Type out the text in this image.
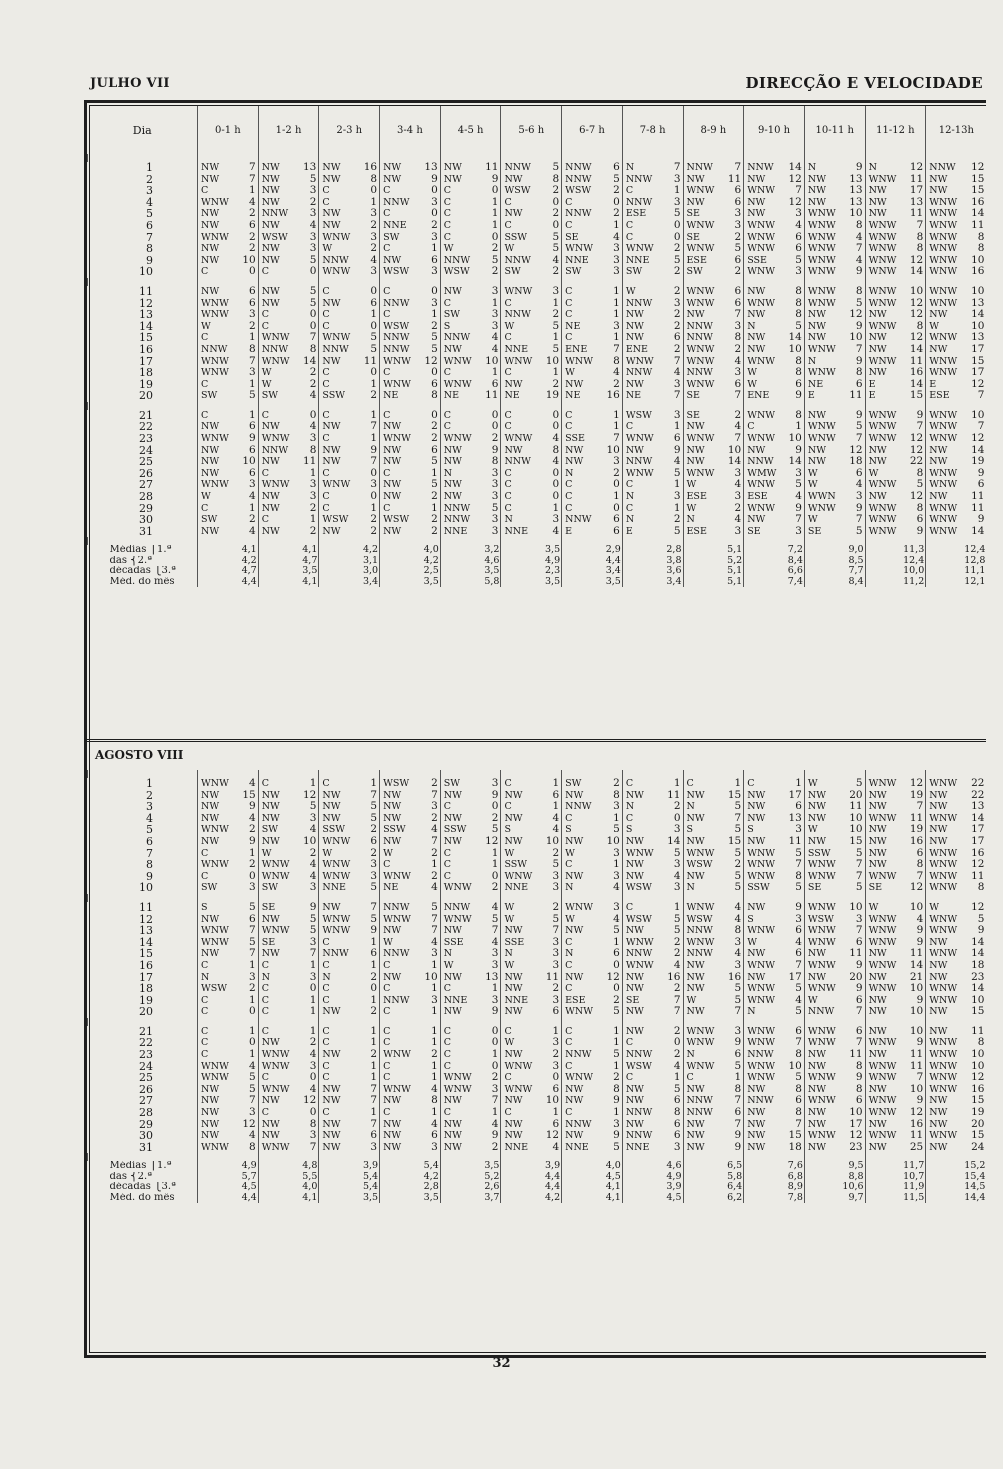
JULHO VII	DIRECÇÃO E VELOCIDADE
Dia	0-1 h	1-2 h	2-3 h	3-4 h	4-5 h	5-6 h	6-7 h	7-8 h	8-9 h	9-10 h	10-11 h	11-12 h	12-13h

1	NW 7	NW 13	NW 16	NW 13	NW 11	NNW 5	NNW 6	N 7	NNW 7	NNW 14	N 9	N 12	NNW 12

2	NW 7	NW 5	NW 8	NW 9	NW 9	NW 8	NNW 5	NNW 3	NW 11	NW 12	NW 13	WNW 11	NW 15

3	C 1	NW 3	C 0	C 0	C 0	WSW 2	WSW 2	C 1	WNW 6	WNW 7	NW 13	NW 17	NW 15

4	WNW 4	NW 2	C 1	NNW 3	C 1	C 0	C 0	NNW 3	NW 6	NW 12	NW 13	NW 13	WNW 16

5	NW 2	NNW 3	NW 3	C 0	C 1	NW 2	NNW 2	ESE 5	SE 3	NW 3	WNW 10	NW 11	WNW 14

6	NW 6	NW 4	NW 2	NNE 2	C 1	C 0	C 1	C 0	WNW 3	WNW 4	WNW 8	WNW 7	WNW 11

7	WNW 2	WSW 3	WNW 3	SW 3	C 0	SSW 5	SE 4	C 0	SE 2	WNW 6	WNW 4	WNW 8	WNW 8

8	NW 2	NW 3	W 2	C 1	W 2	W 5	WNW 3	WNW 2	WNW 5	WNW 6	WNW 7	WNW 8	WNW 8

9	NW 10	NW 5	NNW 4	NW 6	NNW 5	NNW 4	NNE 3	NNE 5	ESE 6	SSE 5	WNW 4	WNW 12	WNW 10

10	C 0	C 0	WNW 3	WSW 3	WSW 2	SW 2	SW 3	SW 2	SW 2	WNW 3	WNW 9	WNW 14	WNW 16

11	NW 6	NW 5	C 0	C 0	NW 3	WNW 3	C 1	W 2	WNW 6	NW 8	WNW 8	WNW 10	WNW 10

12	WNW 6	NW 5	NW 6	NNW 3	C 1	C 1	C 1	NNW 3	WNW 6	WNW 8	WNW 5	WNW 12	WNW 13

13	WNW 3	C 0	C 1	C 1	SW 3	NNW 2	C 1	NW 2	NW 7	NW 8	NW 12	NW 12	NW 14

14	W 2	C 0	C 0	WSW 2	S 3	W 5	NE 3	NW 2	NNW 3	N 5	NW 9	WNW 8	W 10

15	C 1	WNW 7	WNW 5	NNW 5	NNW 4	C 1	C 1	NW 6	NNW 8	NW 14	NW 10	NW 12	WNW 13

16	NNW 8	NNW 8	NNW 5	NNW 5	NW 4	NNE 5	ENE 7	ENE 2	WNW 2	NW 10	WNW 7	NW 14	NW 17

17	WNW 7	WNW 14	NW 11	WNW 12	WNW 10	WNW 10	WNW 8	WNW 7	WNW 4	WNW 8	N 9	WNW 11	WNW 15

18	WNW 3	W 2	C 0	C 0	C 1	C 1	W 4	NNW 4	NNW 3	W 8	WNW 8	NW 16	WNW 17

19	C 1	W 2	C 1	WNW 6	WNW 6	NW 2	NW 2	NW 3	WNW 6	W 6	NE 6	E 14	E 12

20	SW 5	SW 4	SSW 2	NE 8	NE 11	NE 19	NE 16	NE 7	SE 7	ENE 9	E 11	E 15	ESE 7

21	C 1	C 0	C 1	C 0	C 0	C 0	C 1	WSW 3	SE 2	WNW 8	NW 9	WNW 9	WNW 10

22	NW 6	NW 4	NW 7	NW 2	C 0	C 0	C 1	C 1	NW 4	C 1	WNW 5	WNW 7	WNW 7

23	WNW 9	WNW 3	C 1	WNW 2	WNW 2	WNW 4	SSE 7	WNW 6	WNW 7	WNW 10	WNW 7	WNW 12	WNW 12

24	NW 6	NNW 8	NW 9	NW 6	NW 9	NW 8	NW 10	NW 9	NW 10	NW 9	NW 12	NW 12	NW 14

25	NW 10	NW 11	NW 7	NW 5	NW 8	NNW 4	NW 3	NNW 4	NW 14	NNW 14	NW 18	NW 22	NW 19

26	NW 6	C 1	C 0	C 1	N 3	C 0	N 2	WNW 5	WNW 3	WMW 3	W 6	W 8	WNW 9

27	WNW 3	WNW 3	WNW 3	NW 5	NW 3	C 0	C 0	C 1	W 4	WNW 5	W 4	WNW 5	WNW 6

28	W 4	NW 3	C 0	NW 2	NW 3	C 0	C 1	N 3	ESE 3	ESE 4	WWN 3	NW 12	NW 11

29	C 1	NW 2	C 1	C 1	NNW 5	C 1	C 0	C 1	W 2	WNW 9	WNW 9	WNW 8	WNW 11

30	SW 2	C 1	WSW 2	WSW 2	NNW 3	N 3	NNW 6	N 2	N 4	NW 7	W 7	WNW 6	WNW 9

31	NW 4	NW 2	NW 2	NW 2	NNE 3	NNE 4	E 6	E 5	ESE 3	SE 3	SE 5	WNW 9	WNW 14

Médias ⎧1.ª	4,1	4,1	4,2	4,0	3,2	3,5	2,9	2,8	5,1	7,2	9,0	11,3	12,4
das ⎨2.ª	4,2	4,7	3,1	4,2	4,6	4,9	4,4	3,8	5,2	8,4	8,5	12,4	12,8
décadas ⎩3.ª	4,7	3,5	3,0	2,5	3,5	2,3	3,4	3,6	5,1	6,6	7,7	10,0	11,1
Méd. do mês	4,4	4,1	3,4	3,5	5,8	3,5	3,5	3,4	5,1	7,4	8,4	11,2	12,1
AGOSTO VIII

1	WNW 4	C 1	C 1	WSW 2	SW 3	C 1	SW 2	C 1	C 1	C 1	W 5	WNW 12	WNW 22

2	NW 15	NW 12	NW 7	NW 7	NW 9	NW 6	NW 8	NW 11	NW 15	NW 17	NW 20	NW 19	NW 22

3	NW 9	NW 5	NW 5	NW 3	C 0	C 1	NNW 3	N 2	N 5	NW 6	NW 11	NW 7	NW 13

4	NW 4	NW 3	NW 5	NW 2	NW 2	NW 4	C 1	C 0	NW 7	NW 13	NW 10	WNW 11	WNW 14

5	WNW 2	SW 4	SSW 2	SSW 4	SSW 5	S 4	S 5	S 3	S 5	S 3	W 10	NW 19	NW 17

6	NW 9	NW 10	WNW 6	NW 7	NW 12	NW 10	NW 10	NW 14	NW 15	NW 11	NW 15	NW 16	NW 17

7	C 1	W 2	W 2	W 2	C 1	W 2	W 3	WNW 5	WNW 5	WNW 5	SSW 5	NW 6	WNW 16

8	WNW 2	WNW 4	WNW 3	C 1	C 1	SSW 5	C 1	NW 3	WSW 2	WNW 7	WNW 7	NW 8	WNW 12

9	C 0	WNW 4	WNW 3	WNW 2	C 0	WNW 3	NW 3	NW 4	NW 5	WNW 8	WNW 7	WNW 7	WNW 11

10	SW 3	SW 3	NNE 5	NE 4	WNW 2	NNE 3	N 4	WSW 3	N 5	SSW 5	SE 5	SE 12	WNW 8

11	S 5	SE 9	NW 7	NNW 5	NNW 4	W 2	WNW 3	C 1	WNW 4	NW 9	WNW 10	W 10	W 12

12	NW 6	NW 5	WNW 5	WNW 7	WNW 5	W 5	W 4	WSW 5	WSW 4	S 3	WSW 3	WNW 4	WNW 5

13	WNW 7	WNW 5	WNW 9	NW 7	NW 7	NW 7	NW 5	NW 5	NNW 8	WNW 6	WNW 7	WNW 9	WNW 9

14	WNW 5	SE 3	C 1	W 4	SSE 4	SSE 3	C 1	WNW 2	WNW 3	W 4	WNW 6	WNW 9	NW 14

15	NW 7	NW 7	NNW 6	NNW 3	N 3	N 3	N 6	NNW 2	NNW 4	NW 6	NW 11	NW 11	WNW 14

16	C 1	C 1	C 1	C 1	W 3	W 3	C 0	WNW 4	NW 3	WNW 7	WNW 9	WNW 14	NW 18

17	N 3	N 3	N 2	NW 10	NW 13	NW 11	NW 12	NW 16	NW 16	NW 17	NW 20	NW 21	NW 23

18	WSW 2	C 0	C 0	C 1	C 1	NW 2	C 0	NW 2	NW 5	WNW 5	WNW 9	WNW 10	WNW 14

19	C 1	C 1	C 1	NNW 3	NNE 3	NNE 3	ESE 2	SE 7	W 5	WNW 4	W 6	NW 9	WNW 10

20	C 0	C 1	NW 2	C 1	NW 9	NW 6	WNW 5	NW 7	NW 7	N 5	NNW 7	NW 10	NW 15

21	C 1	C 1	C 1	C 1	C 0	C 1	C 1	NW 2	WNW 3	WNW 6	WNW 6	NW 10	NW 11

22	C 0	NW 2	C 1	C 1	C 0	W 3	C 1	C 0	WNW 9	WNW 7	WNW 7	WNW 9	WNW 8

23	C 1	WNW 4	NW 2	WNW 2	C 1	NW 2	NNW 5	NNW 2	N 6	NNW 8	NW 11	NW 11	WNW 10

24	WNW 4	WNW 3	C 1	C 1	C 0	WNW 3	C 1	WSW 4	WNW 5	WNW 10	NW 8	WNW 11	WNW 10

25	WNW 5	C 0	C 1	C 1	WNW 2	C 0	WNW 2	C 1	C 1	WNW 5	WNW 9	WNW 7	WNW 12

26	NW 5	WNW 4	NW 7	WNW 4	WNW 3	WNW 6	NW 8	NW 5	NW 8	NW 8	NW 8	NW 10	WNW 16

27	NW 7	NW 12	NW 7	NW 8	NW 7	NW 10	NW 9	NW 6	NNW 7	NNW 6	WNW 6	WNW 9	NW 15

28	NW 3	C 0	C 1	C 1	C 1	C 1	C 1	NNW 8	NNW 6	NW 8	NW 10	WNW 12	NW 19

29	NW 12	NW 8	NW 7	NW 4	NW 4	NW 6	NNW 3	NW 6	NW 7	NW 7	NW 17	NW 16	NW 20

30	NW 4	NW 3	NW 6	NW 6	NW 9	NW 12	NW 9	NNW 6	NW 9	NW 15	WNW 12	WNW 11	WNW 15

31	WNW 8	WNW 7	NW 3	NW 3	NW 2	NNE 4	NNE 5	NNE 3	NW 9	NW 18	NW 23	NW 25	NW 24

Médias ⎧1.ª	4,9	4,8	3,9	5,4	3,5	3,9	4,0	4,6	6,5	7,6	9,5	11,7	15,2
das ⎨2.ª	5,7	5,5	5,4	4,2	5,2	4,4	4,5	4,9	5,8	6,8	8,8	10,7	15,4
décadas ⎩3.ª	4,5	4,0	5,4	2,8	2,6	4,4	4,1	3,9	6,4	8,9	10,6	11,9	14,5
Méd. do mês	4,4	4,1	3,5	3,5	3,7	4,2	4,1	4,5	6,2	7,8	9,7	11,5	14,4
32
